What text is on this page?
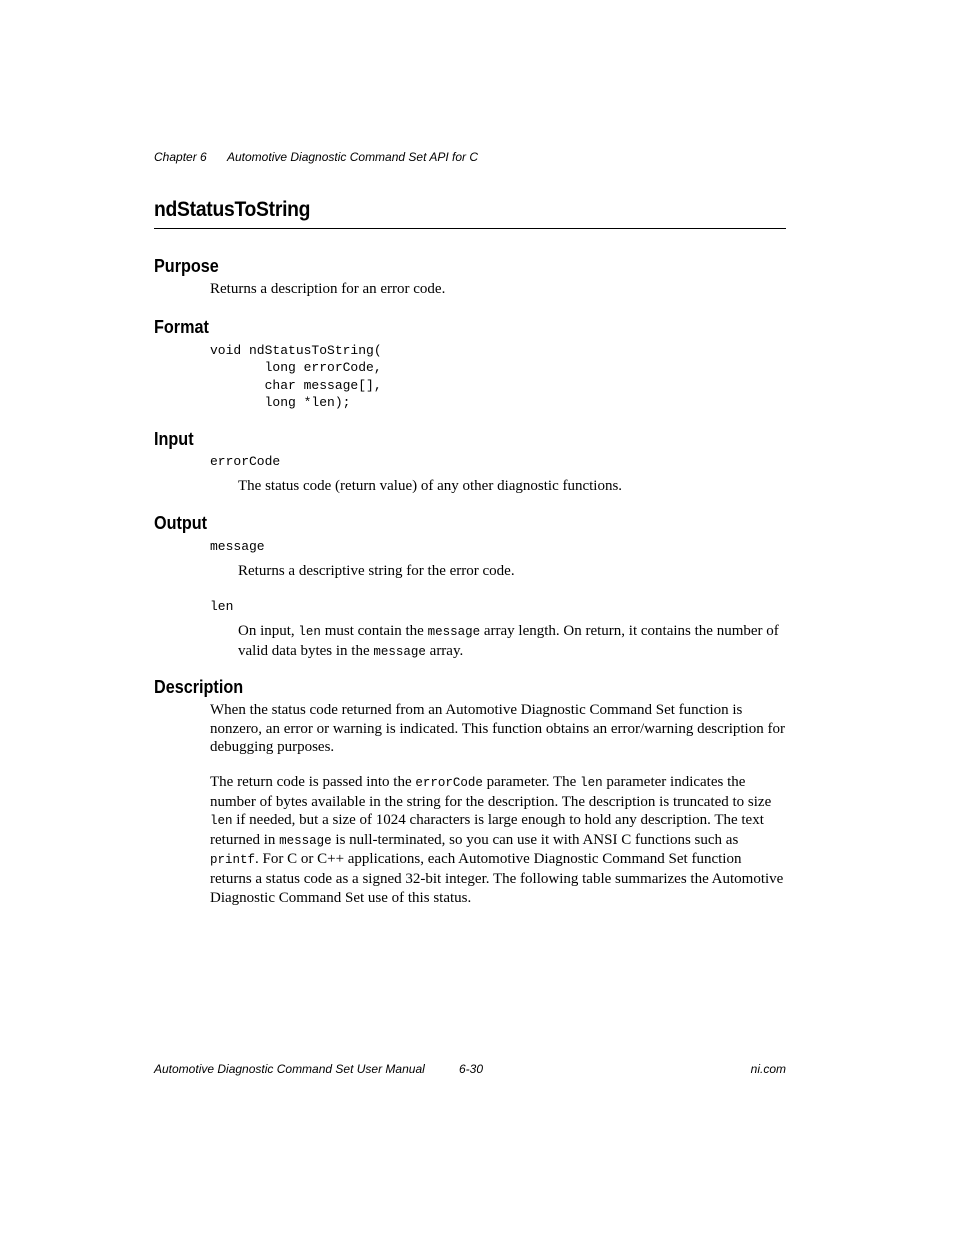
Chapter 6	Automotive Diagnostic Command Set API for C
ndStatusToString
Purpose
Returns a description for an error code.
Format
void ndStatusToString(
long errorCode,
char message[],
long *len);
Input
errorCode
The status code (return value) of any other diagnostic functions.
Output
message
Returns a descriptive string for the error code.
len
On input, len must contain the message array length. On return, it contains the number of valid data bytes in the message array.
Description
When the status code returned from an Automotive Diagnostic Command Set function is nonzero, an error or warning is indicated. This function obtains an error/warning description for debugging purposes.
The return code is passed into the errorCode parameter. The len parameter indicates the number of bytes available in the string for the description. The description is truncated to size len if needed, but a size of 1024 characters is large enough to hold any description. The text returned in message is null-terminated, so you can use it with ANSI C functions such as printf. For C or C++ applications, each Automotive Diagnostic Command Set function returns a status code as a signed 32-bit integer. The following table summarizes the Automotive Diagnostic Command Set use of this status.
Automotive Diagnostic Command Set User Manual	6-30	ni.com
